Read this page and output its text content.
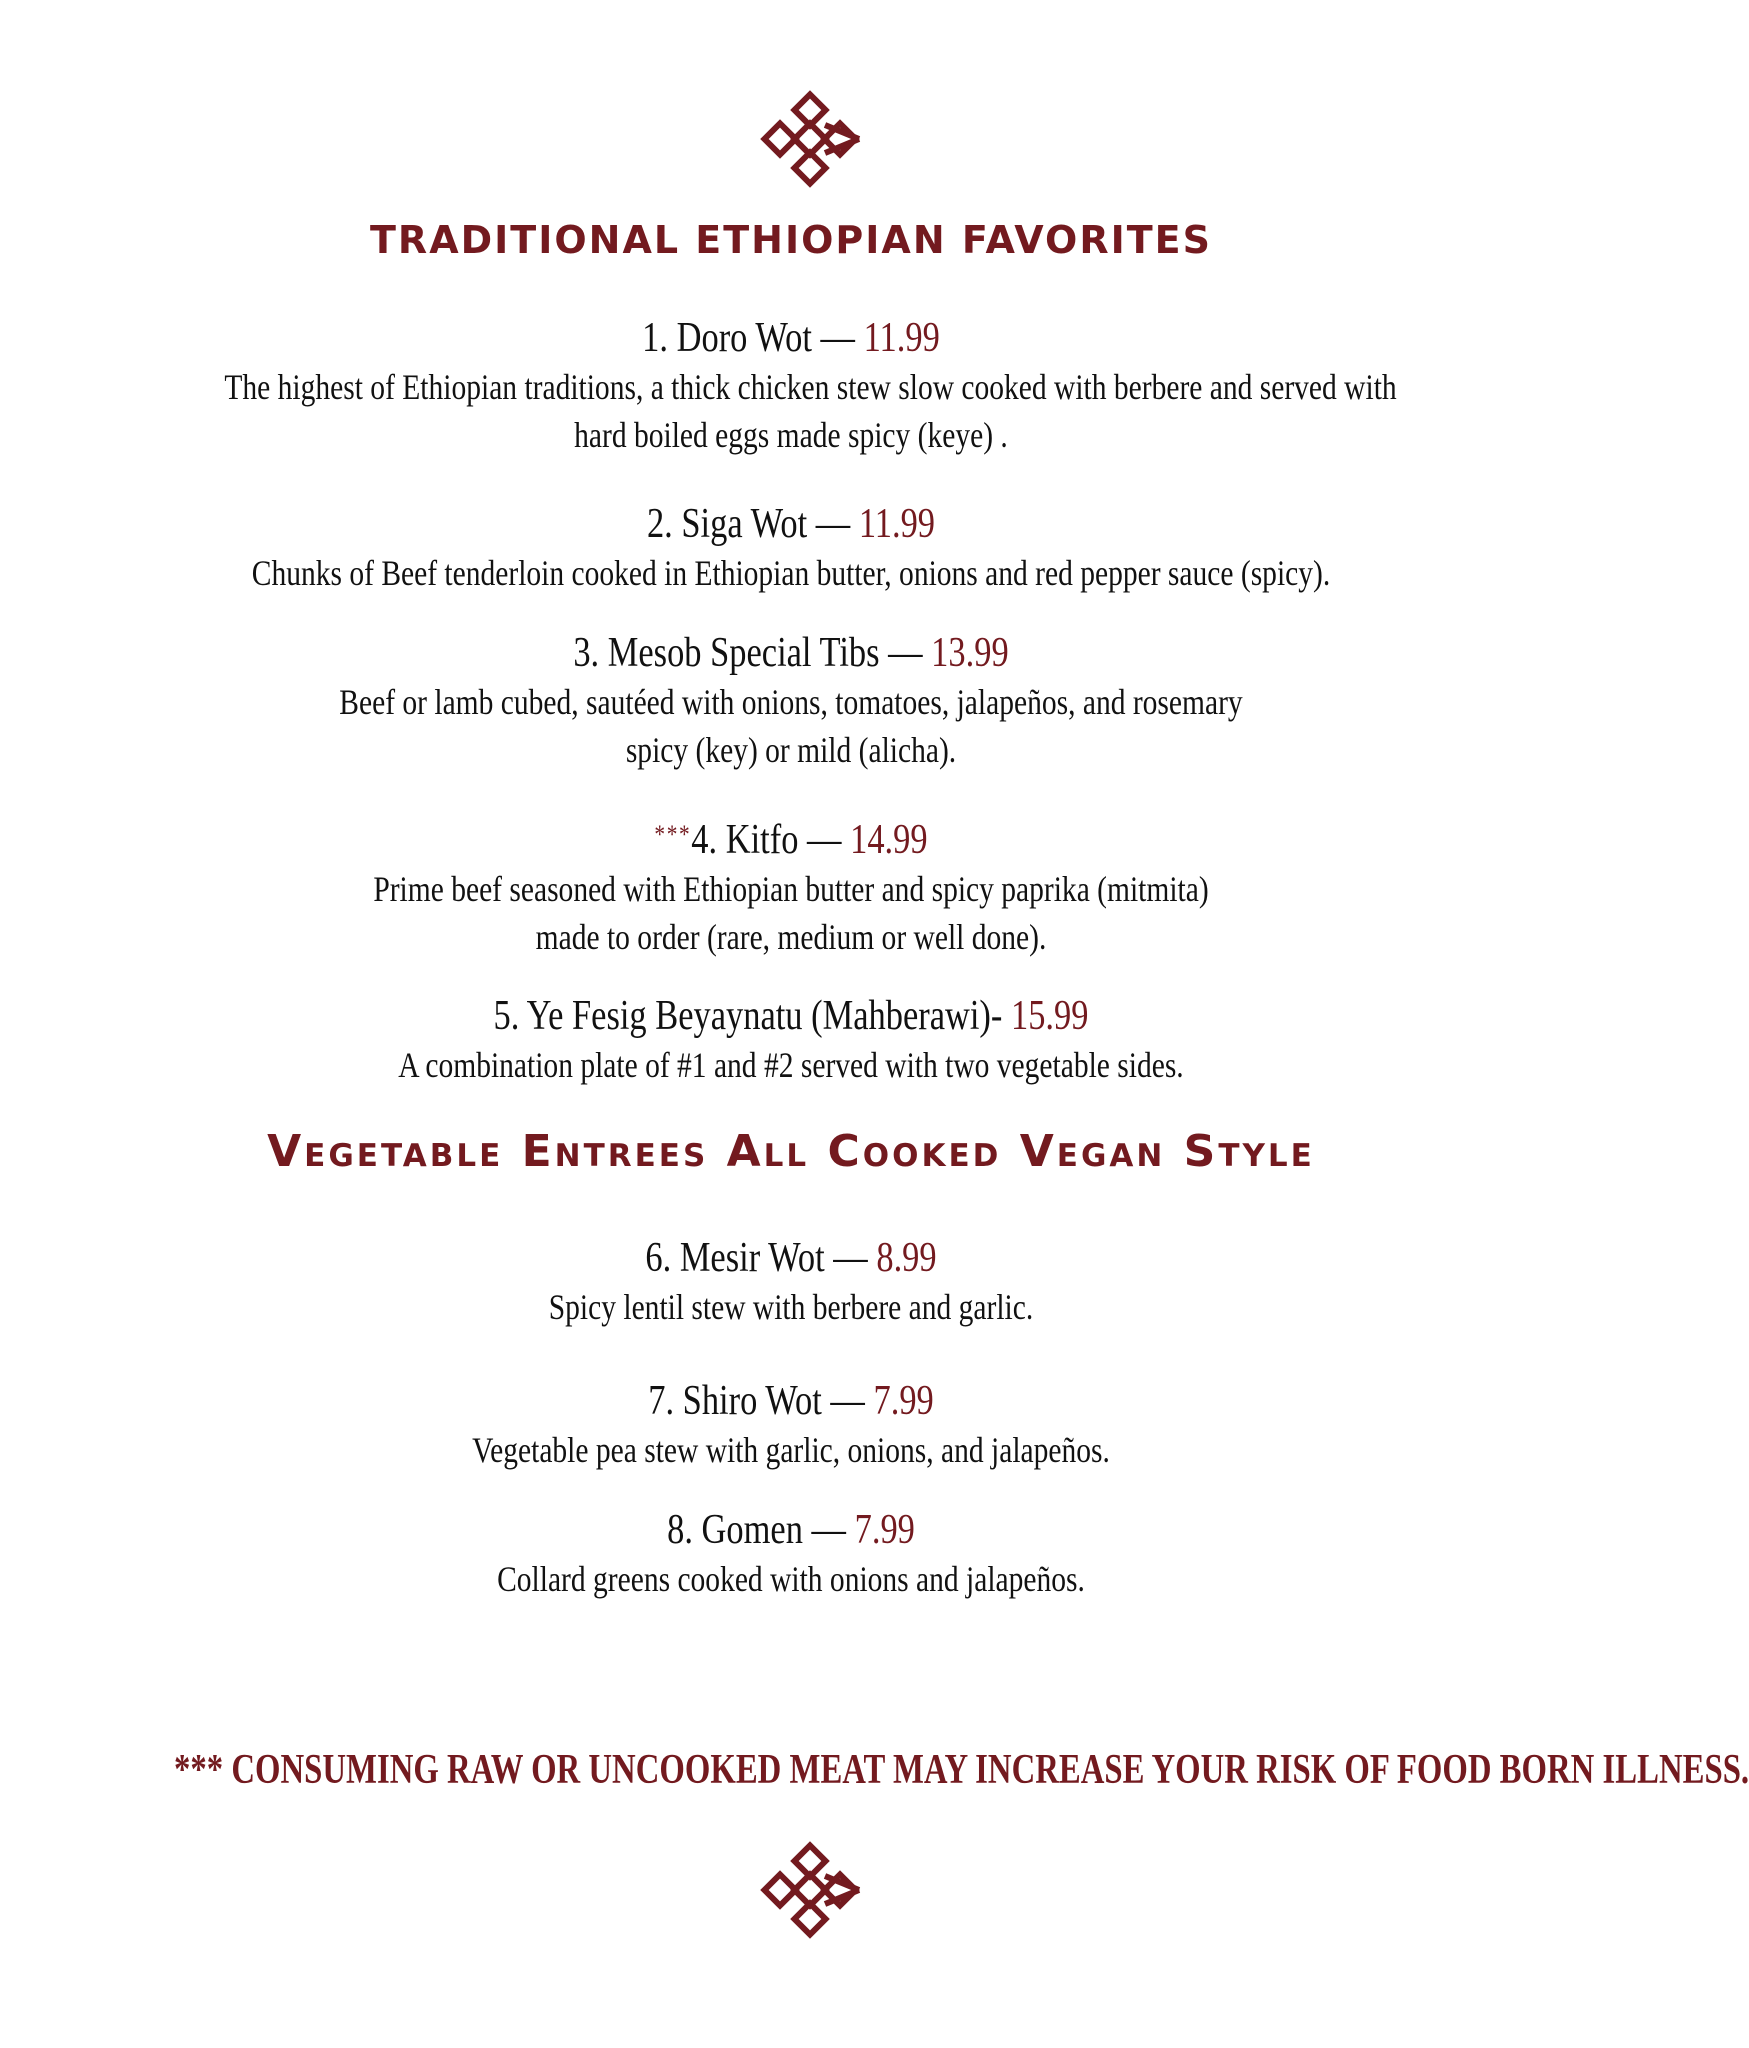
TRADITIONAL ETHIOPIAN FAVORITES
1. Doro Wot — 11.99
The highest of Ethiopian traditions, a thick chicken stew slow cooked with berbere and served with
hard boiled eggs made spicy (keye) .
2. Siga Wot — 11.99
Chunks of Beef tenderloin cooked in Ethiopian butter, onions and red pepper sauce (spicy).
3. Mesob Special Tibs — 13.99
Beef or lamb cubed, sautéed with onions, tomatoes, jalapeños, and rosemary
spicy (key) or mild (alicha).
***4. Kitfo — 14.99
Prime beef seasoned with Ethiopian butter and spicy paprika (mitmita)
made to order (rare, medium or well done).
5. Ye Fesig Beyaynatu (Mahberawi)- 15.99
A combination plate of #1 and #2 served with two vegetable sides.
Vegetable Entrees All Cooked Vegan Style
6. Mesir Wot — 8.99
Spicy lentil stew with berbere and garlic.
7. Shiro Wot — 7.99
Vegetable pea stew with garlic, onions, and jalapeños.
8. Gomen — 7.99
Collard greens cooked with onions and jalapeños.
*** CONSUMING RAW OR UNCOOKED MEAT MAY INCREASE YOUR RISK OF FOOD BORN ILLNESS.
